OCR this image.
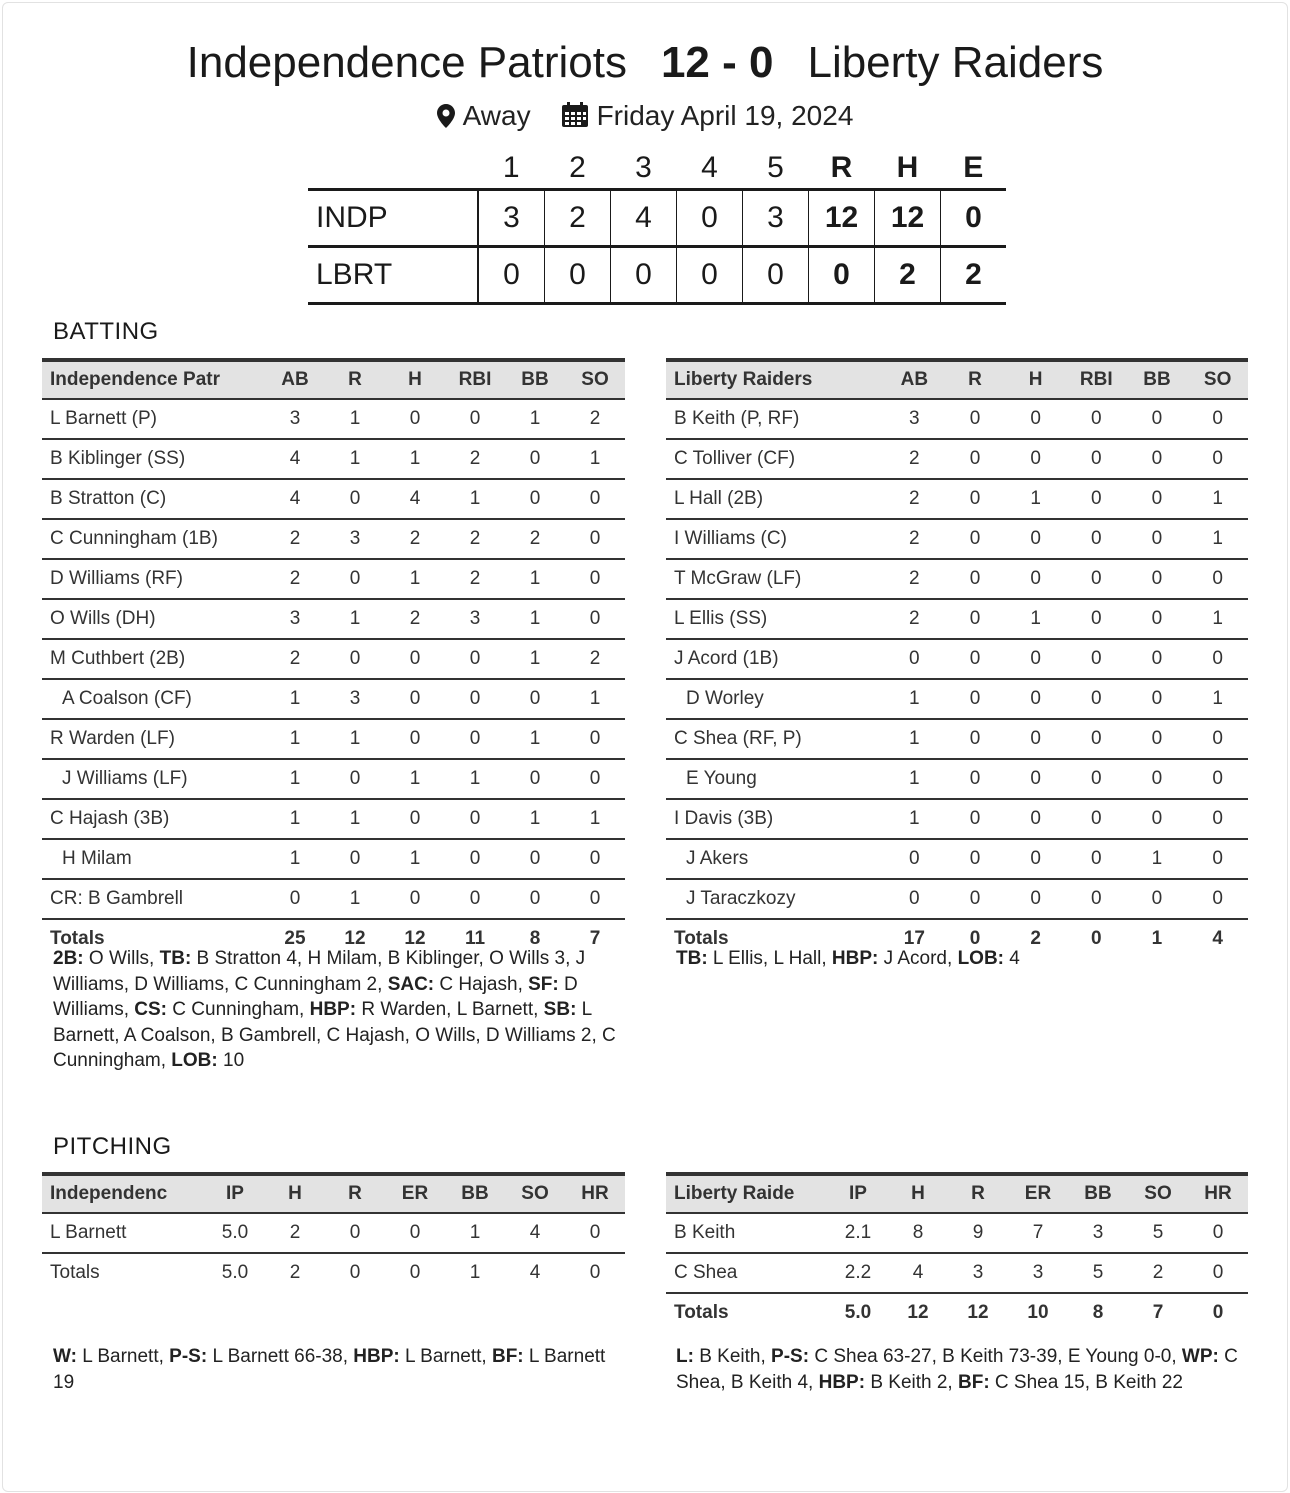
Independence Patriots 12 - 0 Liberty Raiders
Away Friday April 19, 2024
	1	2	3	4	5	R	H	E
INDP	3	2	4	0	3	12	12	0
LBRT	0	0	0	0	0	0	2	2
BATTING
Independence Patr	AB	R	H	RBI	BB	SO
L Barnett (P)	3	1	0	0	1	2
B Kiblinger (SS)	4	1	1	2	0	1
B Stratton (C)	4	0	4	1	0	0
C Cunningham (1B)	2	3	2	2	2	0
D Williams (RF)	2	0	1	2	1	0
O Wills (DH)	3	1	2	3	1	0
M Cuthbert (2B)	2	0	0	0	1	2
A Coalson (CF)	1	3	0	0	0	1
R Warden (LF)	1	1	0	0	1	0
J Williams (LF)	1	0	1	1	0	0
C Hajash (3B)	1	1	0	0	1	1
H Milam	1	0	1	0	0	0
CR: B Gambrell	0	1	0	0	0	0
Totals	25	12	12	11	8	7
Liberty Raiders	AB	R	H	RBI	BB	SO
B Keith (P, RF)	3	0	0	0	0	0
C Tolliver (CF)	2	0	0	0	0	0
L Hall (2B)	2	0	1	0	0	1
I Williams (C)	2	0	0	0	0	1
T McGraw (LF)	2	0	0	0	0	0
L Ellis (SS)	2	0	1	0	0	1
J Acord (1B)	0	0	0	0	0	0
D Worley	1	0	0	0	0	1
C Shea (RF, P)	1	0	0	0	0	0
E Young	1	0	0	0	0	0
I Davis (3B)	1	0	0	0	0	0
J Akers	0	0	0	0	1	0
J Taraczkozy	0	0	0	0	0	0
Totals	17	0	2	0	1	4
2B: O Wills, TB: B Stratton 4, H Milam, B Kiblinger, O Wills 3, J Williams, D Williams, C Cunningham 2, SAC: C Hajash, SF: D Williams, CS: C Cunningham, HBP: R Warden, L Barnett, SB: L Barnett, A Coalson, B Gambrell, C Hajash, O Wills, D Williams 2, C Cunningham, LOB: 10
TB: L Ellis, L Hall, HBP: J Acord, LOB: 4
PITCHING
Independenc	IP	H	R	ER	BB	SO	HR
L Barnett	5.0	2	0	0	1	4	0
Totals	5.0	2	0	0	1	4	0
Liberty Raide	IP	H	R	ER	BB	SO	HR
B Keith	2.1	8	9	7	3	5	0
C Shea	2.2	4	3	3	5	2	0
Totals	5.0	12	12	10	8	7	0
W: L Barnett, P-S: L Barnett 66-38, HBP: L Barnett, BF: L Barnett 19
L: B Keith, P-S: C Shea 63-27, B Keith 73-39, E Young 0-0, WP: C Shea, B Keith 4, HBP: B Keith 2, BF: C Shea 15, B Keith 22
